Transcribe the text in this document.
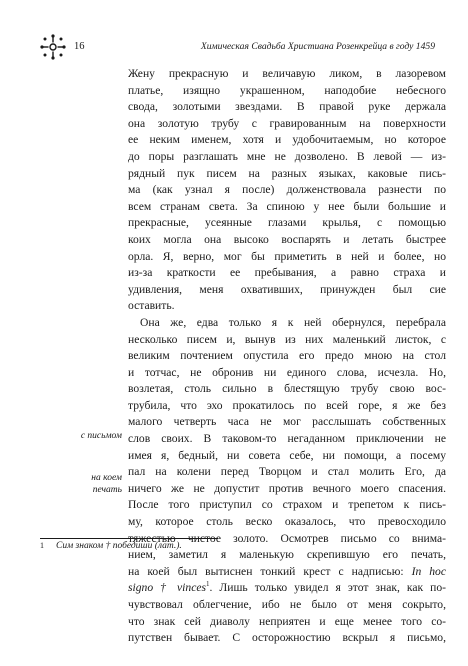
16	Химическая Свадьба Христиана Розенкрейца в году 1459
Жену прекрасную и величавую ликом, в лазоревом
платье, изящно украшенном, наподобие небесного
свода, золотыми звездами. В правой руке держала
она золотую трубу с гравированным на поверхности
ее неким именем, хотя и удобочитаемым, но которое
до поры разглашать мне не дозволено. В левой — из-
рядный пук писем на разных языках, каковые пись-
ма (как узнал я после) долженствовала разнести по
всем странам света. За спиною у нее были большие и
прекрасные, усеянные глазами крылья, с помощью
коих могла она высоко воспарять и летать быстрее
орла. Я, верно, мог бы приметить в ней и более, но
из-за краткости ее пребывания, а равно страха и
удивления, меня охвативших, принужден был сие
оставить.
Она же, едва только я к ней обернулся, перебрала
несколько писем и, вынув из них маленький листок, с
великим почтением опустила его предо мною на стол
и тотчас, не обронив ни единого слова, исчезла. Но,
возлетая, столь сильно в блестящую трубу свою вос-
трубила, что эхо прокатилось по всей горе, я же без
малого четверть часа не мог расслышать собственных
слов своих. В таковом-то негаданном приключении не
имея я, бедный, ни совета себе, ни помощи, а посему
пал на колени перед Творцом и стал молить Его, да
ничего же не допустит против вечного моего спасения.
После того приступил со страхом и трепетом к пись-
му, которое столь веско оказалось, что превосходило
тяжестью чистое золото. Осмотрев письмо со внима-
нием, заметил я маленькую скрепившую его печать,
на коей был вытиснен тонкий крест с надписью: In hoc
signo † vinces$^1$. Лишь только увидел я этот знак, как по-
чувствовал облегчение, ибо не было от меня сокрыто,
что знак сей диаволу неприятен и еще менее того со-
путствен бывает. С осторожностию вскрыл я письмо,
с письмом
на коем печать
$^1$ Сим знаком † победиши (лат.).
